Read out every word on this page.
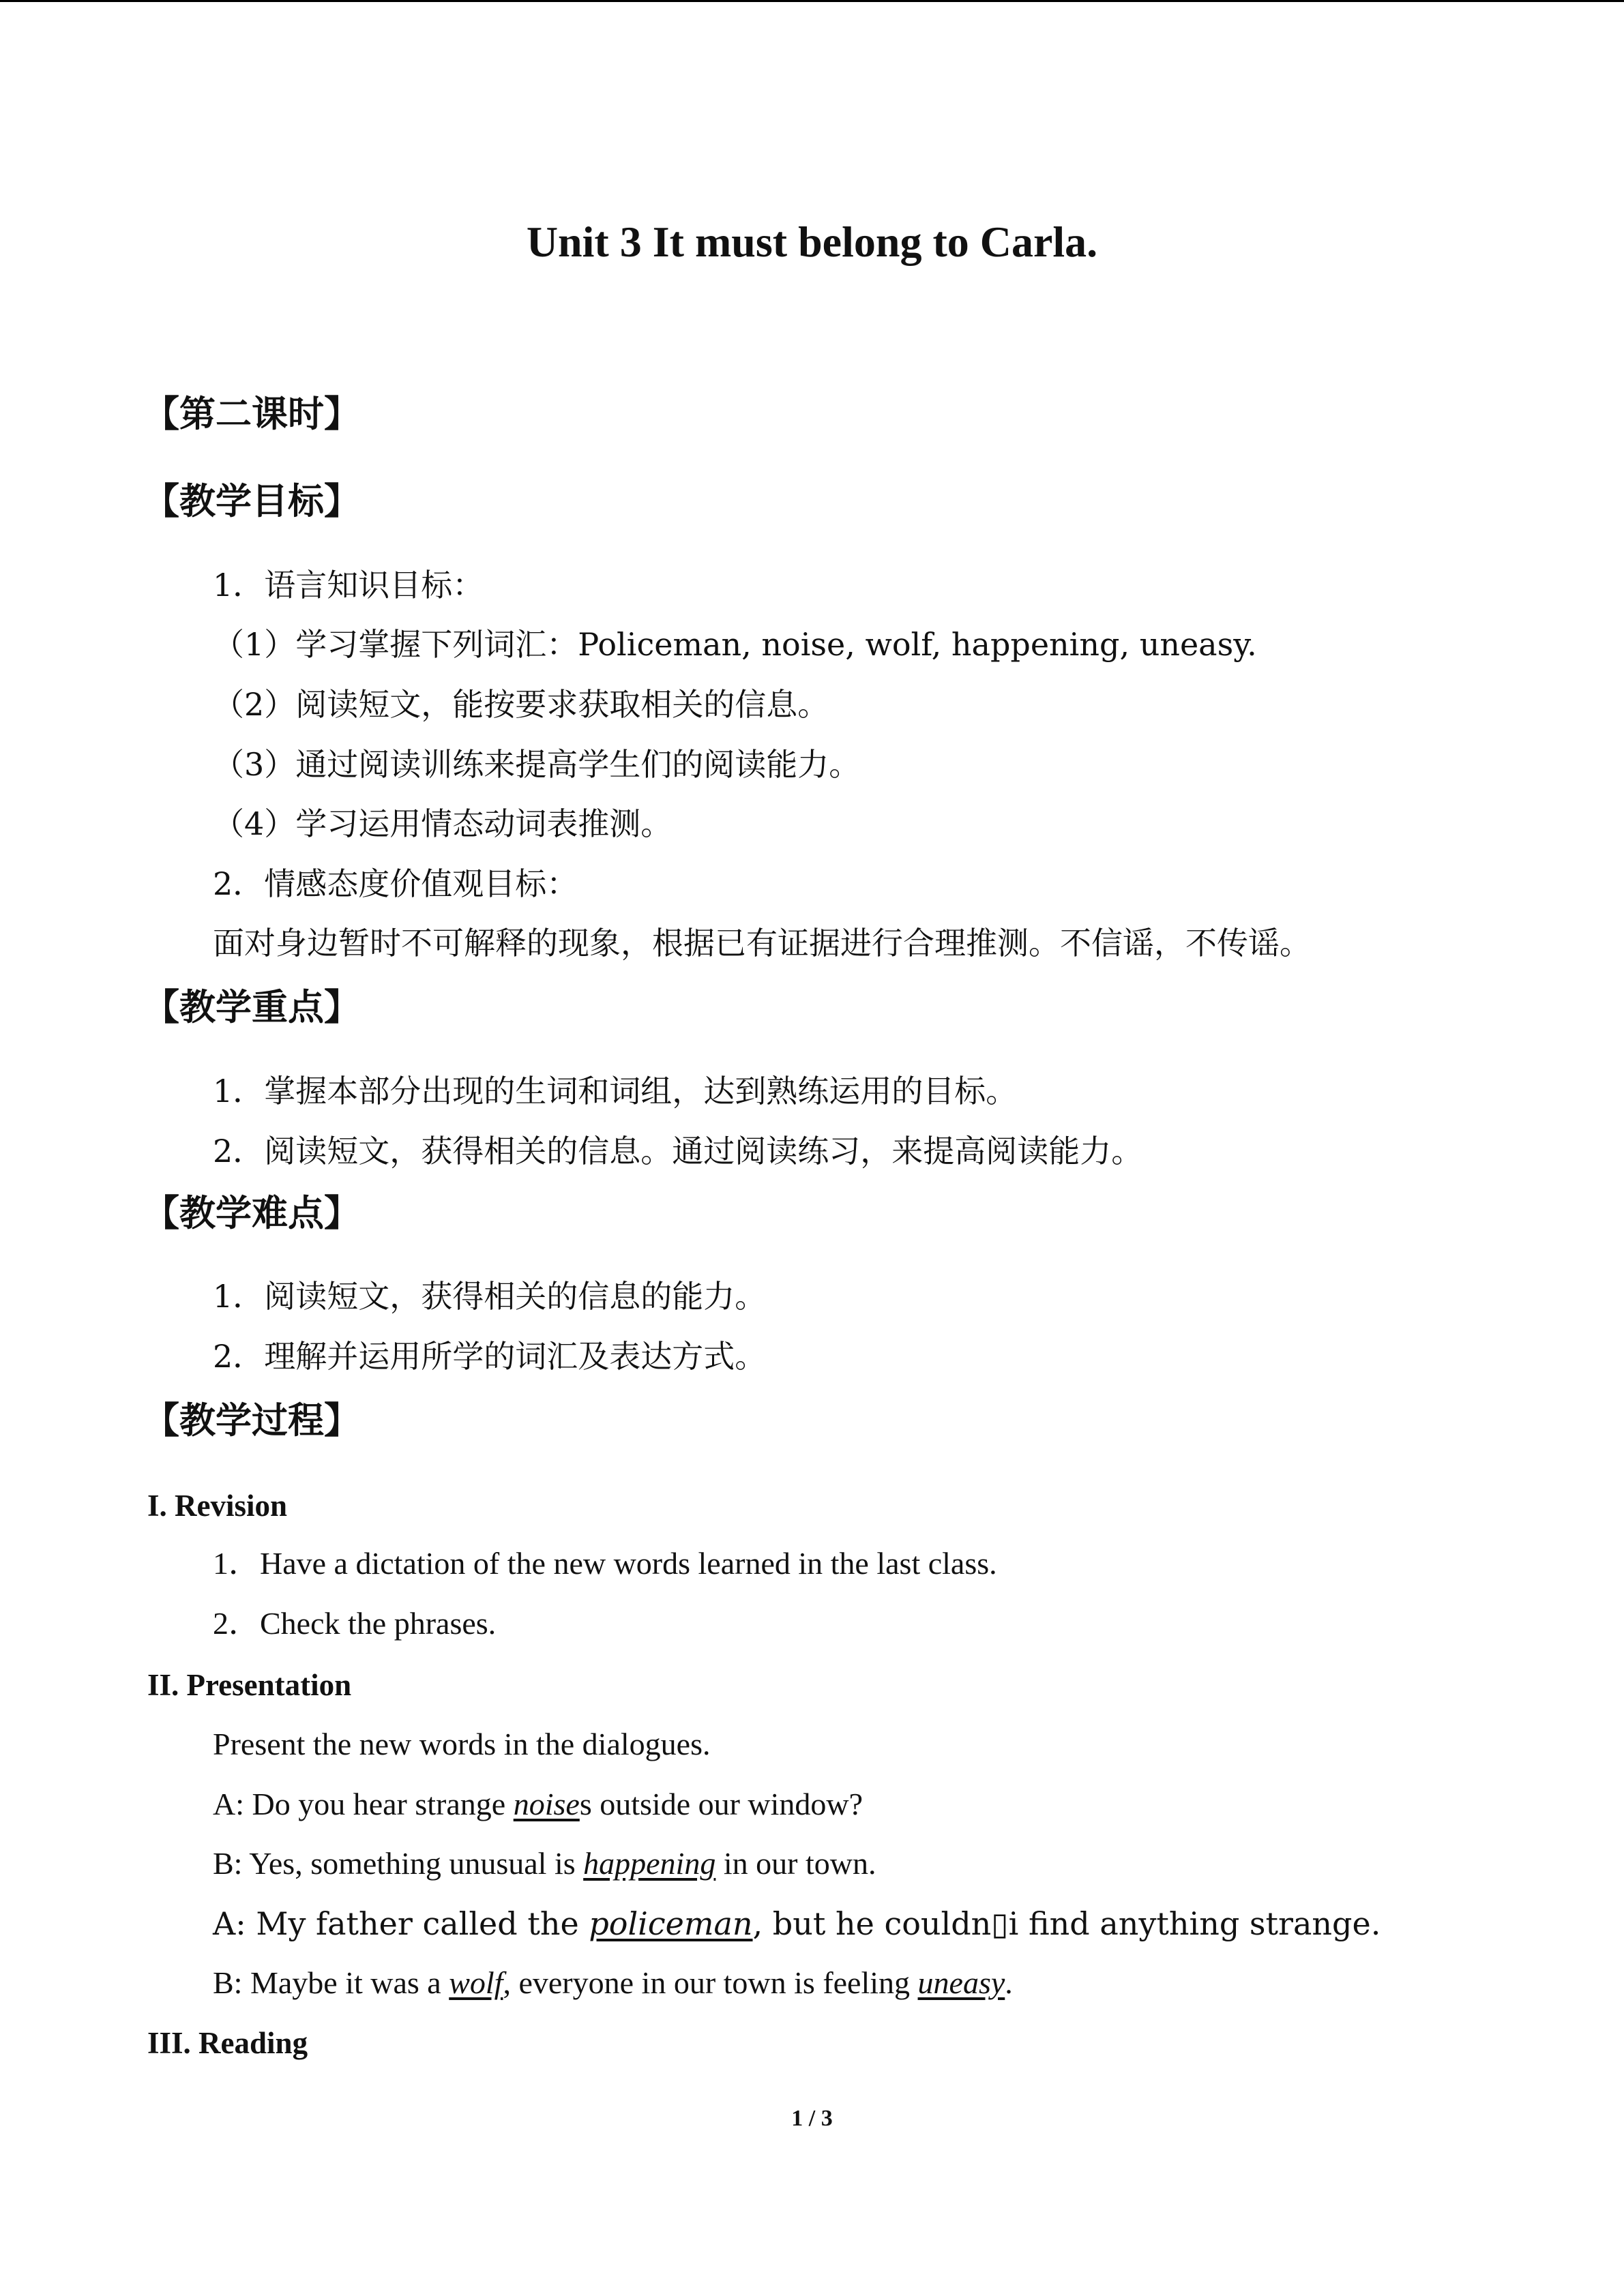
Unit 3 It must belong to Carla.
【第二课时】
【教学目标】
1．语言知识目标：
（1）学习掌握下列词汇：Policeman, noise, wolf, happening, uneasy.
（2）阅读短文，能按要求获取相关的信息。
（3）通过阅读训练来提高学生们的阅读能力。
（4）学习运用情态动词表推测。
2．情感态度价值观目标：
面对身边暂时不可解释的现象，根据已有证据进行合理推测。不信谣，不传谣。
【教学重点】
1．掌握本部分出现的生词和词组，达到熟练运用的目标。
2．阅读短文，获得相关的信息。通过阅读练习，来提高阅读能力。
【教学难点】
1．阅读短文，获得相关的信息的能力。
2．理解并运用所学的词汇及表达方式。
【教学过程】
I. Revision
1．Have a dictation of the new words learned in the last class.
2．Check the phrases.
II. Presentation
Present the new words in the dialogues.
A: Do you hear strange noises outside our window?
B: Yes, something unusual is happening in our town.
A: My father called the policeman, but he couldn▯i find anything strange.
B: Maybe it was a wolf, everyone in our town is feeling uneasy.
III. Reading
1 / 3
